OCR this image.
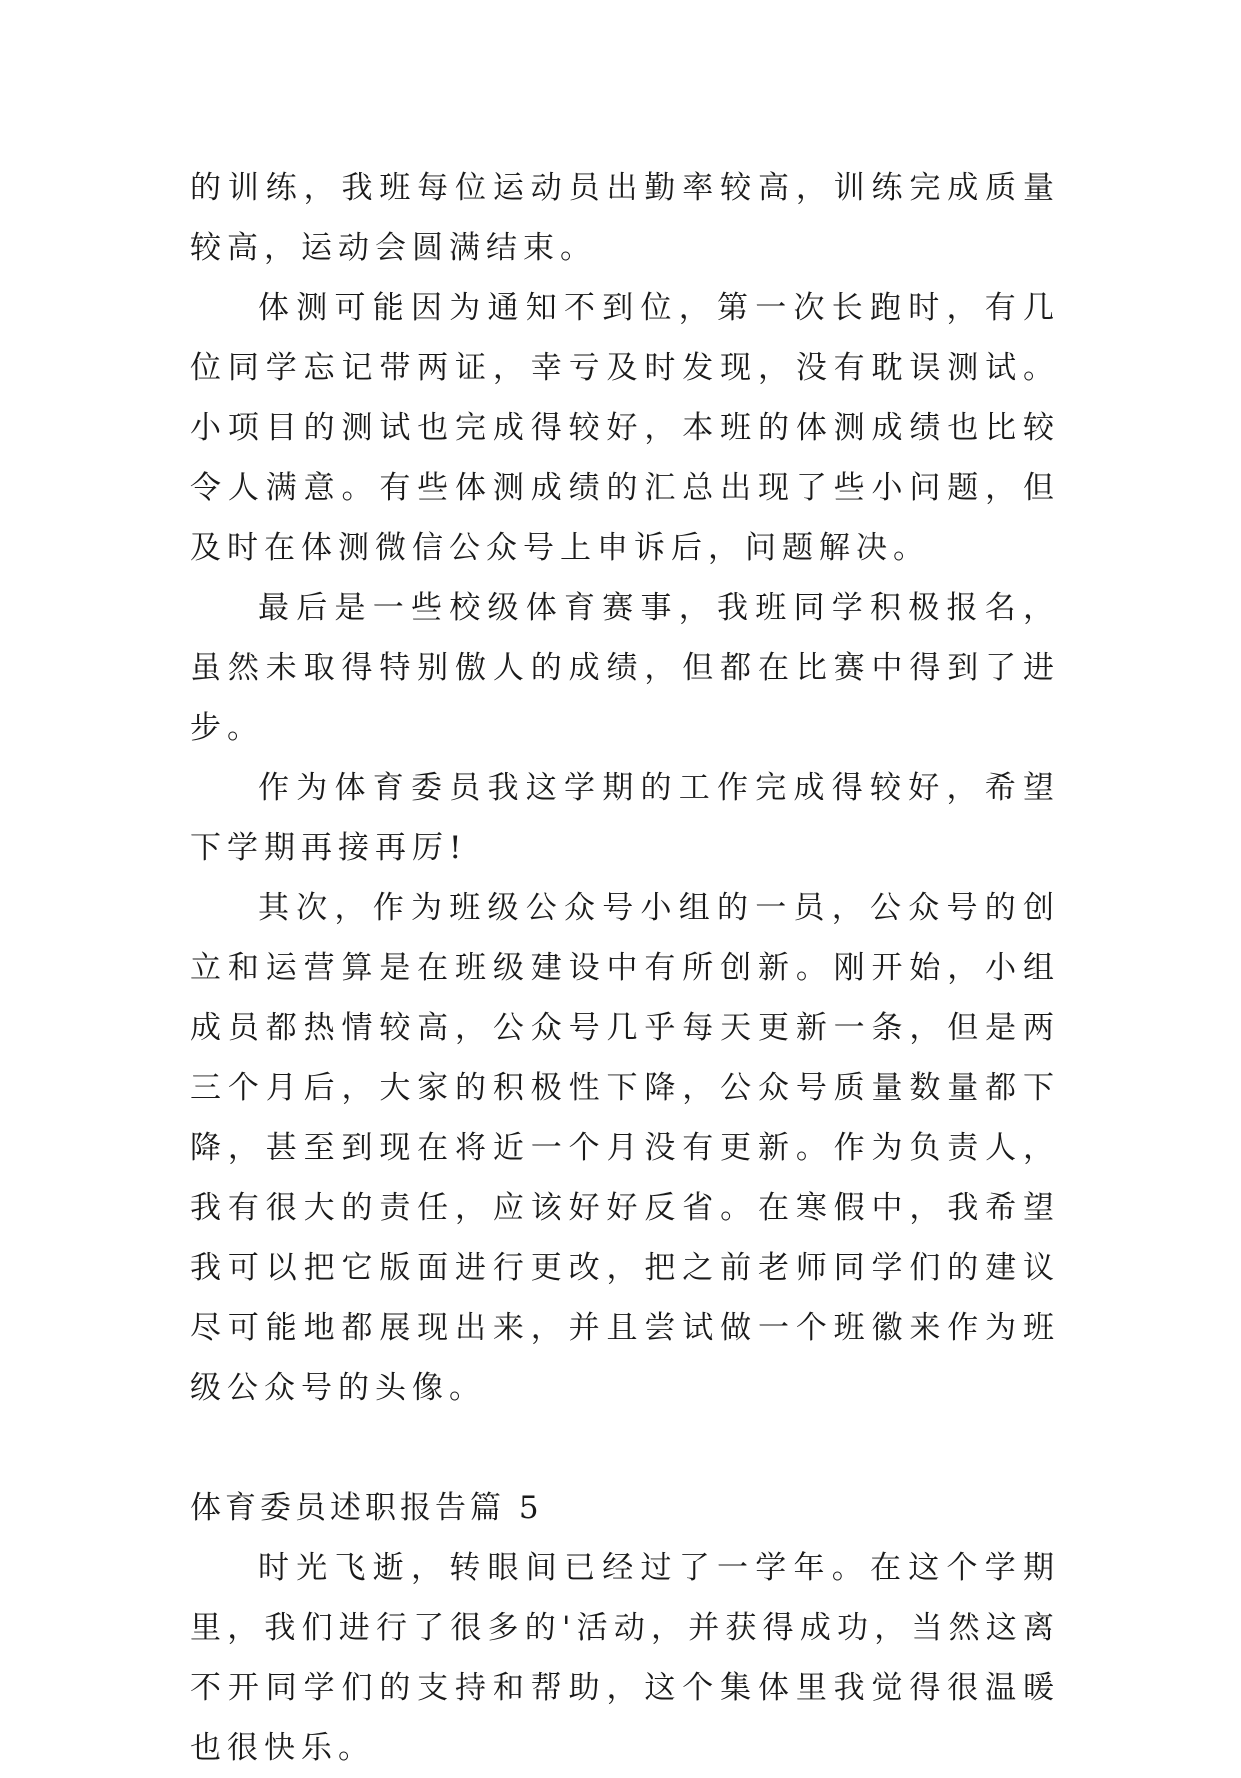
的训练，我班每位运动员出勤率较高，训练完成质量较高，运动会圆满结束。

体测可能因为通知不到位，第一次长跑时，有几位同学忘记带两证，幸亏及时发现，没有耽误测试。小项目的测试也完成得较好，本班的体测成绩也比较令人满意。有些体测成绩的汇总出现了些小问题，但及时在体测微信公众号上申诉后，问题解决。

最后是一些校级体育赛事，我班同学积极报名，虽然未取得特别傲人的成绩，但都在比赛中得到了进步。

作为体育委员我这学期的工作完成得较好，希望下学期再接再厉!

其次，作为班级公众号小组的一员，公众号的创立和运营算是在班级建设中有所创新。刚开始，小组成员都热情较高，公众号几乎每天更新一条，但是两三个月后，大家的积极性下降，公众号质量数量都下降，甚至到现在将近一个月没有更新。作为负责人，我有很大的责任，应该好好反省。在寒假中，我希望我可以把它版面进行更改，把之前老师同学们的建议尽可能地都展现出来，并且尝试做一个班徽来作为班级公众号的头像。

体育委员述职报告篇 5

时光飞逝，转眼间已经过了一学年。在这个学期里，我们进行了很多的'活动，并获得成功，当然这离不开同学们的支持和帮助，这个集体里我觉得很温暖也很快乐。
